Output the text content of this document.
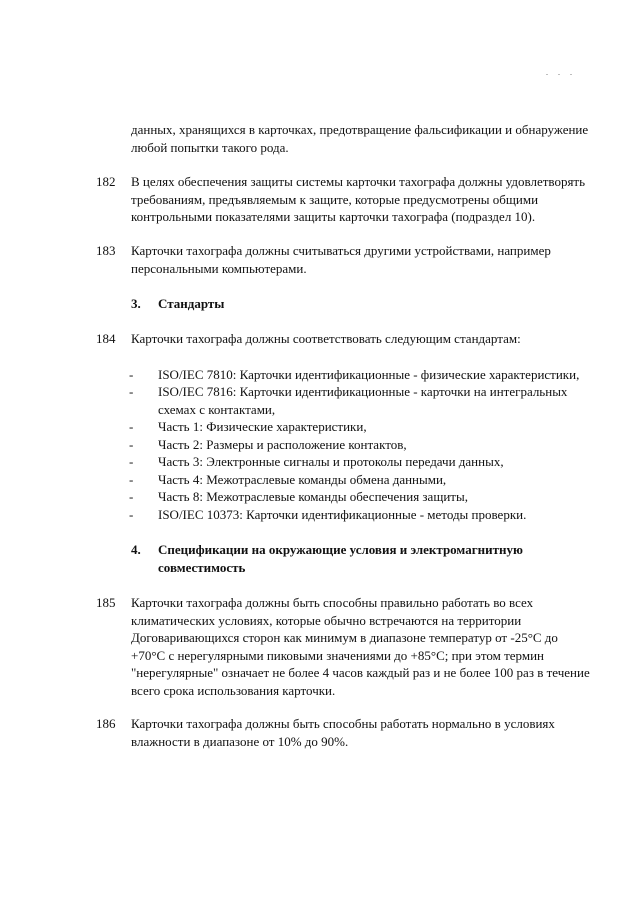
. . .

данных, хранящихся в карточках, предотвращение фальсификации и обнаружение любой попытки такого рода.

182 В целях обеспечения защиты системы карточки тахографа должны удовлетворять требованиям, предъявляемым к защите, которые предусмотрены общими контрольными показателями защиты карточки тахографа (подраздел 10).

183 Карточки тахографа должны считываться другими устройствами, например персональными компьютерами.

3. Стандарты
184 Карточки тахографа должны соответствовать следующим стандартам:

- ISO/IEC 7810: Карточки идентификационные - физические характеристики,
- ISO/IEC 7816: Карточки идентификационные - карточки на интегральных схемах с контактами,
- Часть 1: Физические характеристики,
- Часть 2: Размеры и расположение контактов,
- Часть 3: Электронные сигналы и протоколы передачи данных,
- Часть 4: Межотраслевые команды обмена данными,
- Часть 8: Межотраслевые команды обеспечения защиты,
- ISO/IEC 10373: Карточки идентификационные - методы проверки.
4. Спецификации на окружающие условия и электромагнитную совместимость
185 Карточки тахографа должны быть способны правильно работать во всех климатических условиях, которые обычно встречаются на территории Договаривающихся сторон как минимум в диапазоне температур от -25°C до +70°C с нерегулярными пиковыми значениями до +85°C; при этом термин "нерегулярные" означает не более 4 часов каждый раз и не более 100 раз в течение всего срока использования карточки.

186 Карточки тахографа должны быть способны работать нормально в условиях влажности в диапазоне от 10% до 90%.
